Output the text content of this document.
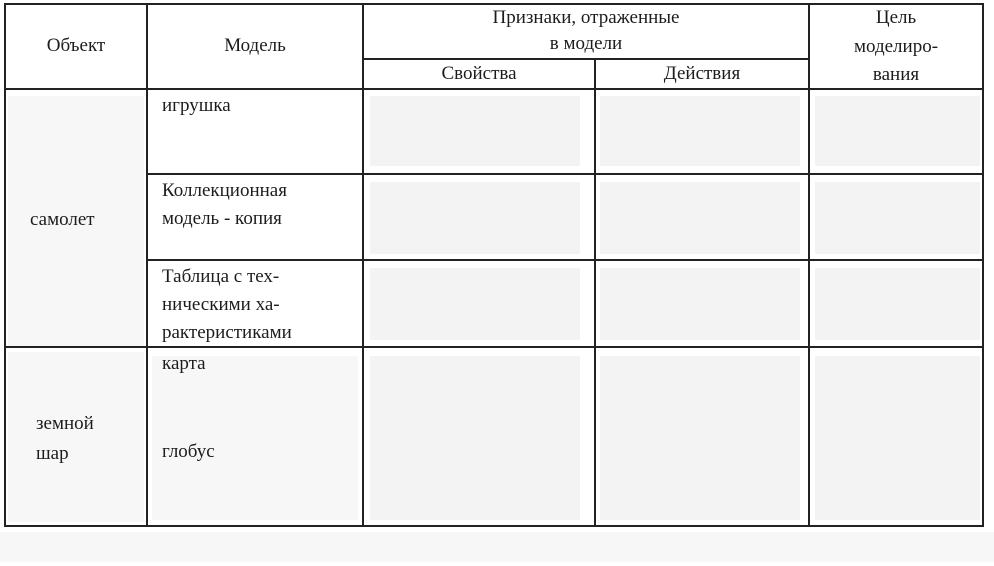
Объект	Модель
Признаки, отраженные
в модели
Свойства	Действия
Цель
моделиро-
вания
самолет
игрушка
Коллекционная
модель - копия
Таблица с тех-
ническими ха-
рактеристиками
земной
шар
карта
глобус
